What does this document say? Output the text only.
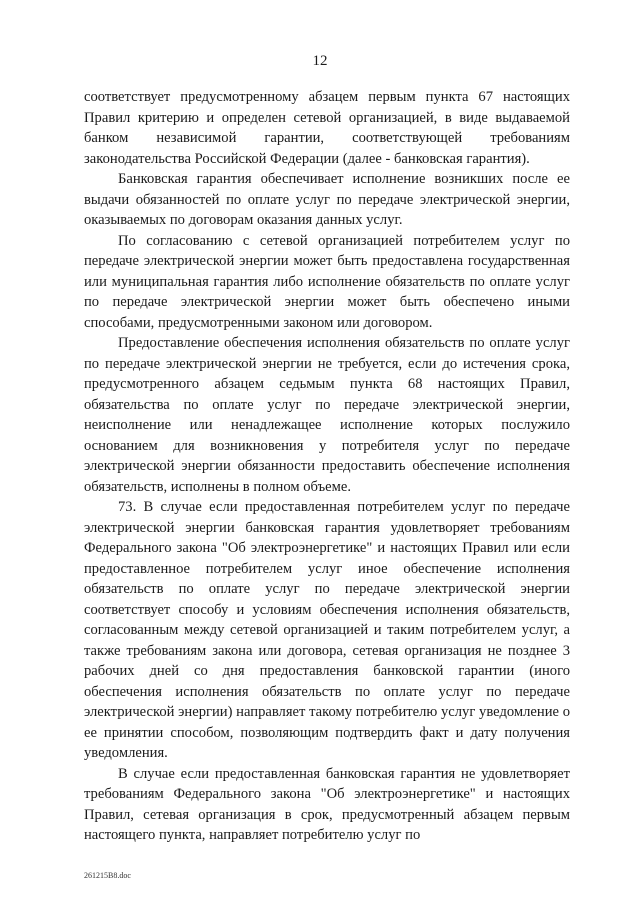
12

соответствует предусмотренному абзацем первым пункта 67 настоящих Правил критерию и определен сетевой организацией, в виде выдаваемой банком независимой гарантии, соответствующей требованиям законодательства Российской Федерации (далее - банковская гарантия).

Банковская гарантия обеспечивает исполнение возникших после ее выдачи обязанностей по оплате услуг по передаче электрической энергии, оказываемых по договорам оказания данных услуг.

По согласованию с сетевой организацией потребителем услуг по передаче электрической энергии может быть предоставлена государственная или муниципальная гарантия либо исполнение обязательств по оплате услуг по передаче электрической энергии может быть обеспечено иными способами, предусмотренными законом или договором.

Предоставление обеспечения исполнения обязательств по оплате услуг по передаче электрической энергии не требуется, если до истечения срока, предусмотренного абзацем седьмым пункта 68 настоящих Правил, обязательства по оплате услуг по передаче электрической энергии, неисполнение или ненадлежащее исполнение которых послужило основанием для возникновения у потребителя услуг по передаче электрической энергии обязанности предоставить обеспечение исполнения обязательств, исполнены в полном объеме.

73. В случае если предоставленная потребителем услуг по передаче электрической энергии банковская гарантия удовлетворяет требованиям Федерального закона "Об электроэнергетике" и настоящих Правил или если предоставленное потребителем услуг иное обеспечение исполнения обязательств по оплате услуг по передаче электрической энергии соответствует способу и условиям обеспечения исполнения обязательств, согласованным между сетевой организацией и таким потребителем услуг, а также требованиям закона или договора, сетевая организация не позднее 3 рабочих дней со дня предоставления банковской гарантии (иного обеспечения исполнения обязательств по оплате услуг по передаче электрической энергии) направляет такому потребителю услуг уведомление о ее принятии способом, позволяющим подтвердить факт и дату получения уведомления.

В случае если предоставленная банковская гарантия не удовлетворяет требованиям Федерального закона "Об электроэнергетике" и настоящих Правил, сетевая организация в срок, предусмотренный абзацем первым настоящего пункта, направляет потребителю услуг по

261215B8.doc
